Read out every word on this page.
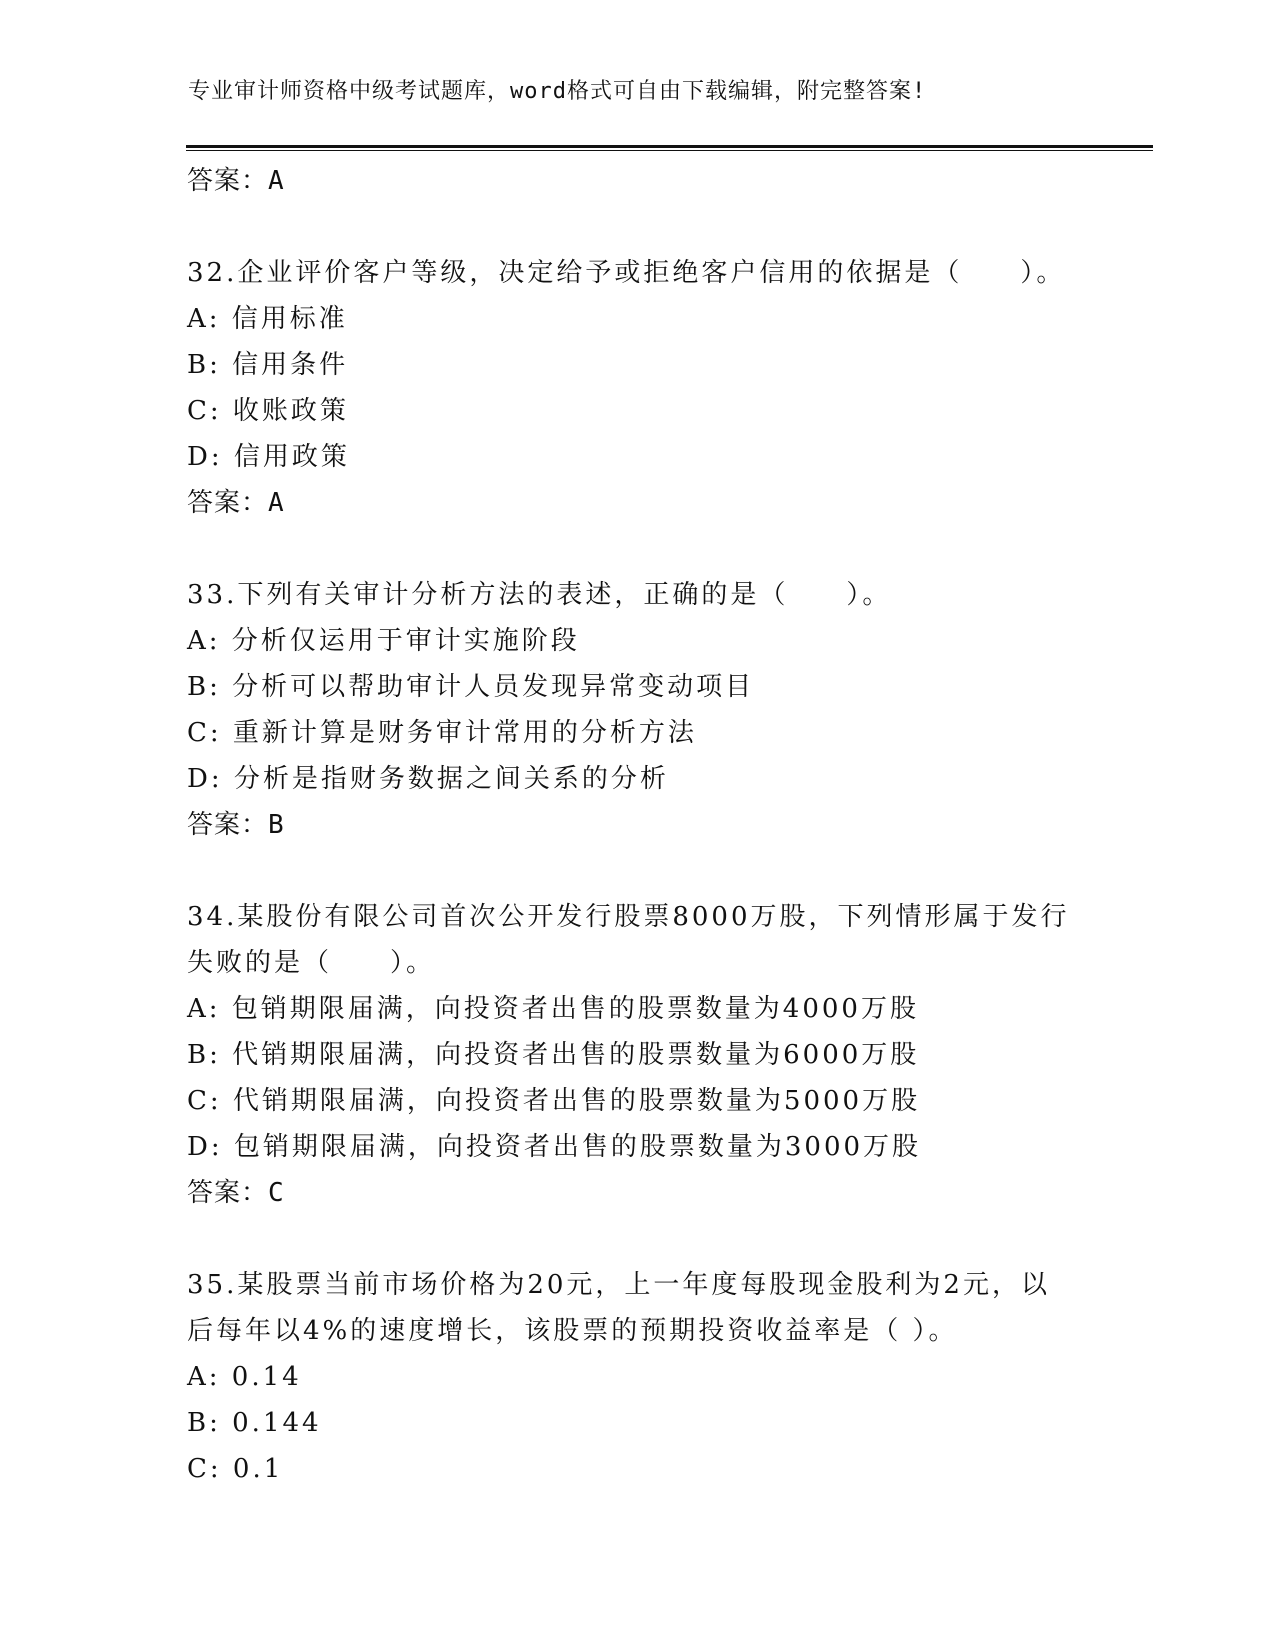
专业审计师资格中级考试题库，word格式可自由下载编辑，附完整答案!
答案：A
32.企业评价客户等级，决定给予或拒绝客户信用的依据是（　　）。
A: 信用标准
B: 信用条件
C: 收账政策
D: 信用政策
答案：A
33.下列有关审计分析方法的表述，正确的是（　　）。
A: 分析仅运用于审计实施阶段
B: 分析可以帮助审计人员发现异常变动项目
C: 重新计算是财务审计常用的分析方法
D: 分析是指财务数据之间关系的分析
答案：B
34.某股份有限公司首次公开发行股票8000万股，下列情形属于发行
失败的是（　　）。
A: 包销期限届满，向投资者出售的股票数量为4000万股
B: 代销期限届满，向投资者出售的股票数量为6000万股
C: 代销期限届满，向投资者出售的股票数量为5000万股
D: 包销期限届满，向投资者出售的股票数量为3000万股
答案：C
35.某股票当前市场价格为20元，上一年度每股现金股利为2元，以
后每年以4%的速度增长，该股票的预期投资收益率是（ ）。
A: 0.14
B: 0.144
C: 0.1
